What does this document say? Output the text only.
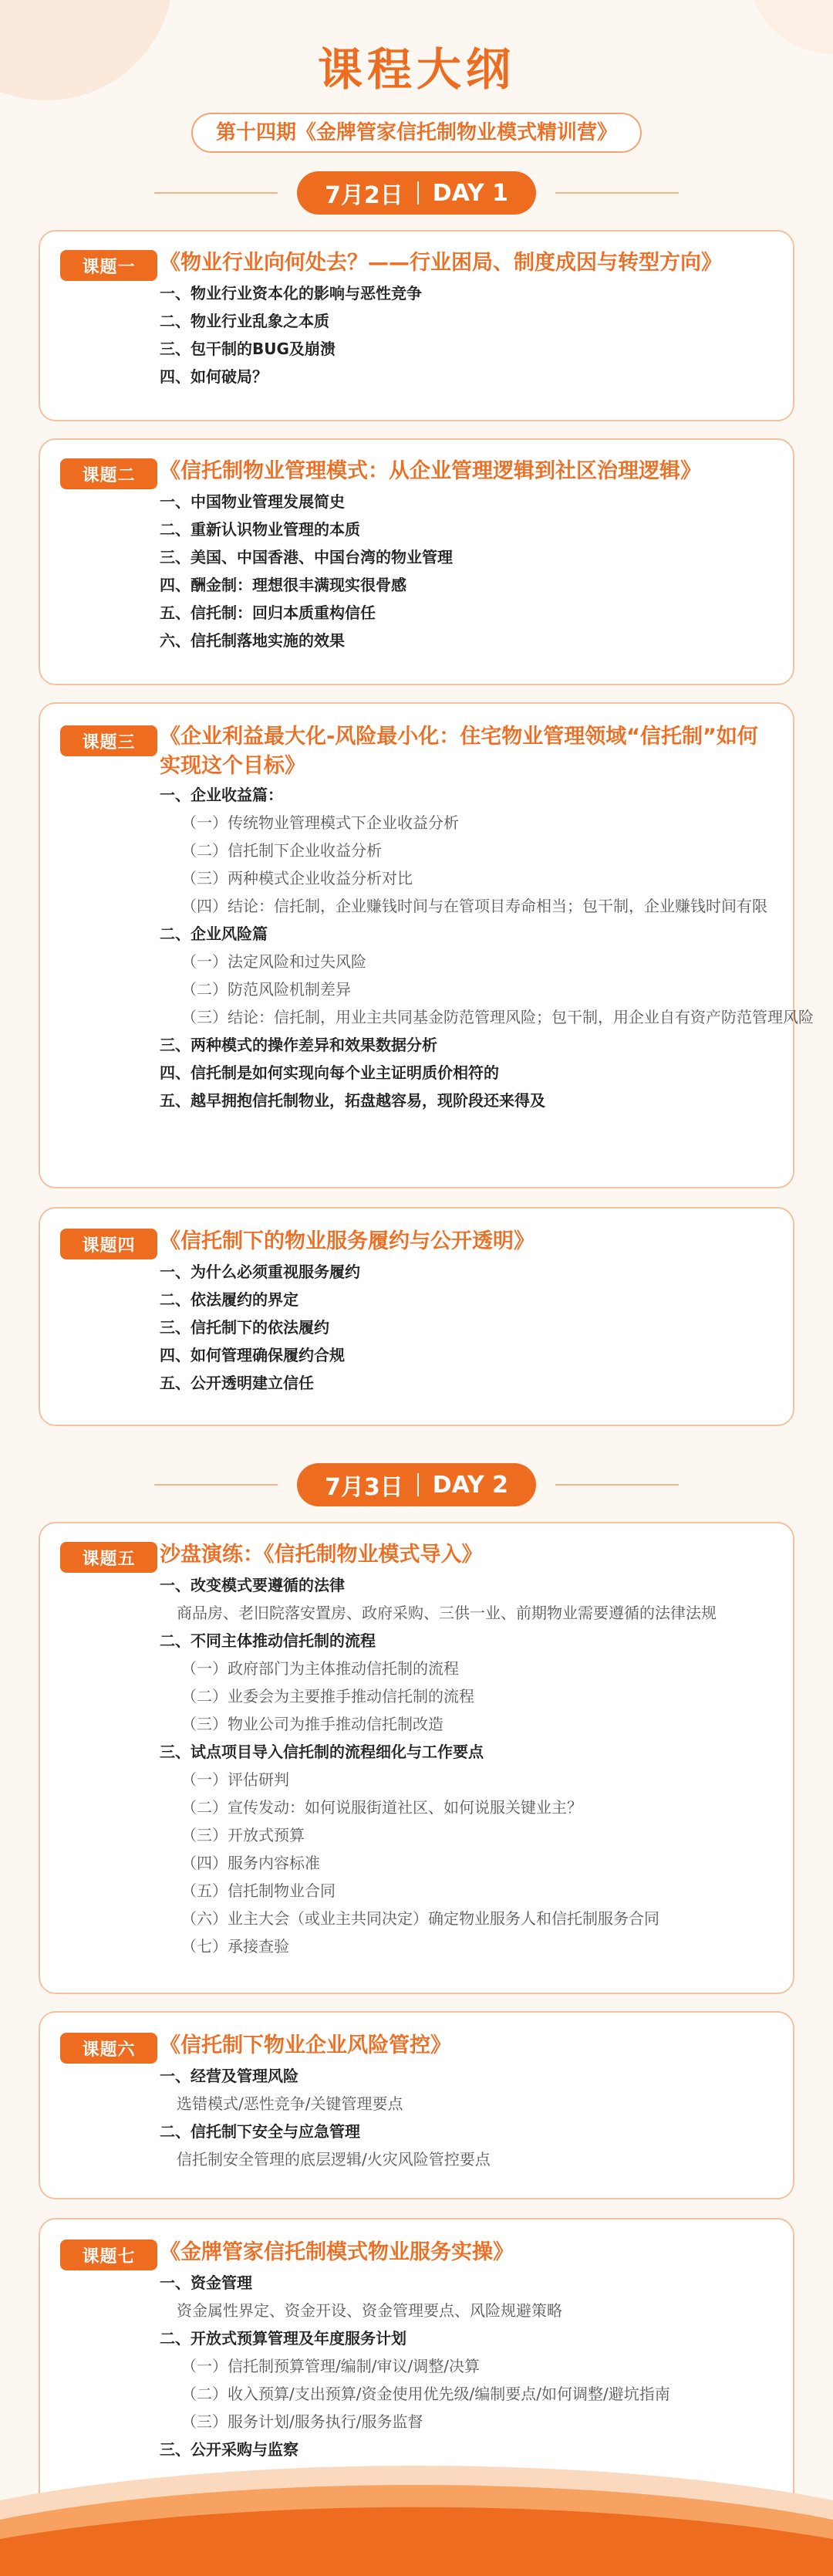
课程大纲
第十四期《金牌管家信托制物业模式精训营》
7月2日 DAY 1
课题一	《物业行业向何处去？——行业困局、制度成因与转型方向》
一、物业行业资本化的影响与恶性竞争
二、物业行业乱象之本质
三、包干制的BUG及崩溃
四、如何破局？
课题二	《信托制物业管理模式：从企业管理逻辑到社区治理逻辑》
一、中国物业管理发展简史
二、重新认识物业管理的本质
三、美国、中国香港、中国台湾的物业管理
四、酬金制：理想很丰满现实很骨感
五、信托制：回归本质重构信任
六、信托制落地实施的效果
课题三	《企业利益最大化-风险最小化：住宅物业管理领域“信托制”如何实现这个目标》
一、企业收益篇：
（一）传统物业管理模式下企业收益分析
（二）信托制下企业收益分析
（三）两种模式企业收益分析对比
（四）结论：信托制，企业赚钱时间与在管项目寿命相当；包干制，企业赚钱时间有限
二、企业风险篇
（一）法定风险和过失风险
（二）防范风险机制差异
（三）结论：信托制，用业主共同基金防范管理风险；包干制，用企业自有资产防范管理风险
三、两种模式的操作差异和效果数据分析
四、信托制是如何实现向每个业主证明质价相符的
五、越早拥抱信托制物业，拓盘越容易，现阶段还来得及
课题四	《信托制下的物业服务履约与公开透明》
一、为什么必须重视服务履约
二、依法履约的界定
三、信托制下的依法履约
四、如何管理确保履约合规
五、公开透明建立信任
7月3日 DAY 2
课题五	沙盘演练：《信托制物业模式导入》
一、改变模式要遵循的法律
商品房、老旧院落安置房、政府采购、三供一业、前期物业需要遵循的法律法规
二、不同主体推动信托制的流程
（一）政府部门为主体推动信托制的流程
（二）业委会为主要推手推动信托制的流程
（三）物业公司为推手推动信托制改造
三、试点项目导入信托制的流程细化与工作要点
（一）评估研判
（二）宣传发动：如何说服街道社区、如何说服关键业主？
（三）开放式预算
（四）服务内容标准
（五）信托制物业合同
（六）业主大会（或业主共同决定）确定物业服务人和信托制服务合同
（七）承接查验
课题六	《信托制下物业企业风险管控》
一、经营及管理风险
选错模式/恶性竞争/关键管理要点
二、信托制下安全与应急管理
信托制安全管理的底层逻辑/火灾风险管控要点
课题七	《金牌管家信托制模式物业服务实操》
一、资金管理
资金属性界定、资金开设、资金管理要点、风险规避策略
二、开放式预算管理及年度服务计划
（一）信托制预算管理/编制/审议/调整/决算
（二）收入预算/支出预算/资金使用优先级/编制要点/如何调整/避坑指南
（三）服务计划/服务执行/服务监督
三、公开采购与监察
